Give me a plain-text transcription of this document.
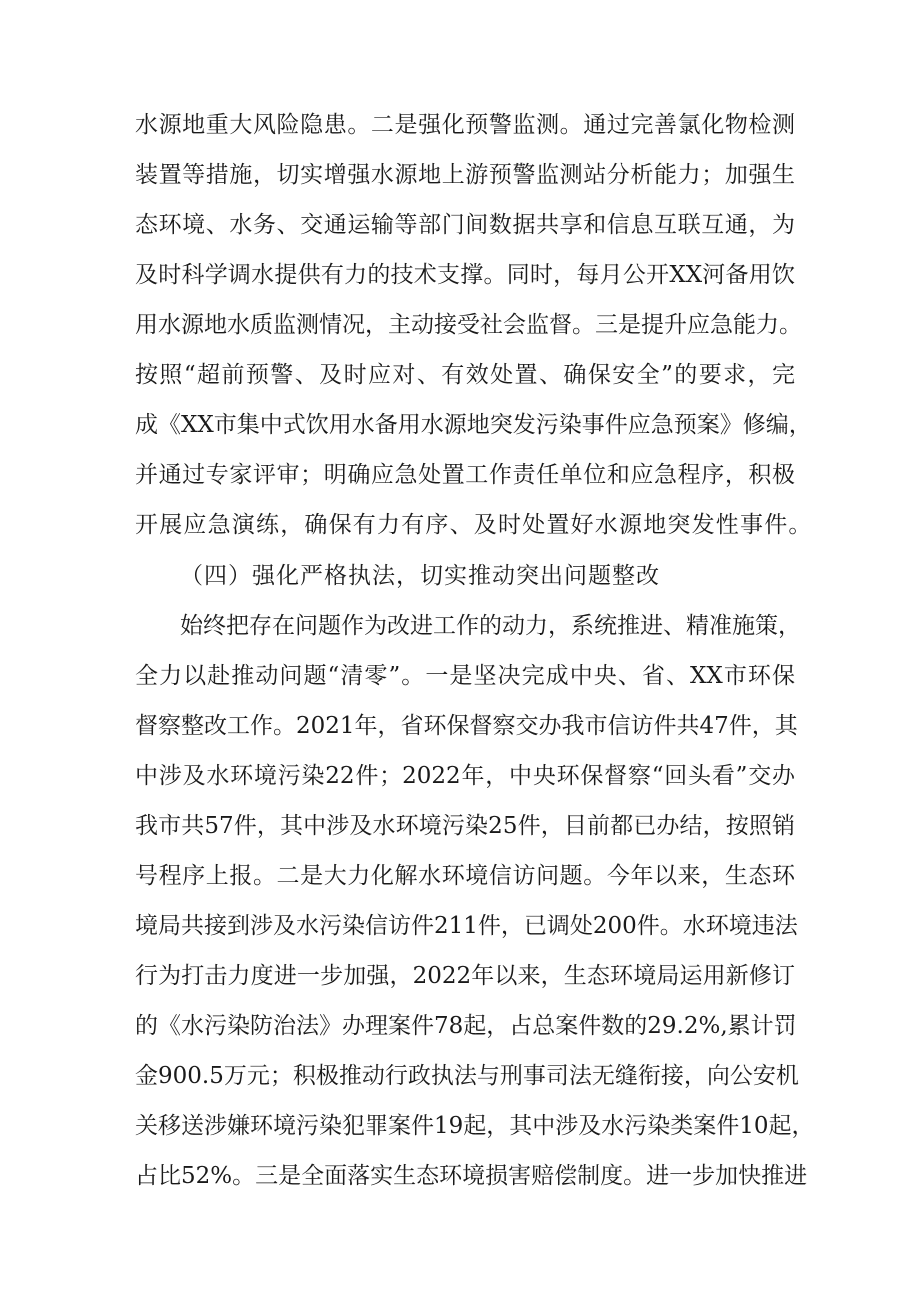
水源地重大风险隐患。二是强化预警监测。通过完善氯化物检测
装置等措施，切实增强水源地上游预警监测站分析能力；加强生
态环境、水务、交通运输等部门间数据共享和信息互联互通，为
及时科学调水提供有力的技术支撑。同时，每月公开XX河备用饮
用水源地水质监测情况，主动接受社会监督。三是提升应急能力。
按照“超前预警、及时应对、有效处置、确保安全”的要求，完
成《XX市集中式饮用水备用水源地突发污染事件应急预案》修编，
并通过专家评审；明确应急处置工作责任单位和应急程序，积极
开展应急演练，确保有力有序、及时处置好水源地突发性事件。
（四）强化严格执法，切实推动突出问题整改
始终把存在问题作为改进工作的动力，系统推进、精准施策，
全力以赴推动问题“清零”。一是坚决完成中央、省、XX市环保
督察整改工作。2021年，省环保督察交办我市信访件共47件，其
中涉及水环境污染22件；2022年，中央环保督察“回头看”交办
我市共57件，其中涉及水环境污染25件，目前都已办结，按照销
号程序上报。二是大力化解水环境信访问题。今年以来，生态环
境局共接到涉及水污染信访件211件，已调处200件。水环境违法
行为打击力度进一步加强，2022年以来，生态环境局运用新修订
的《水污染防治法》办理案件78起，占总案件数的29.2%,累计罚
金900.5万元；积极推动行政执法与刑事司法无缝衔接，向公安机
关移送涉嫌环境污染犯罪案件19起，其中涉及水污染类案件10起，
占比52%。三是全面落实生态环境损害赔偿制度。进一步加快推进
